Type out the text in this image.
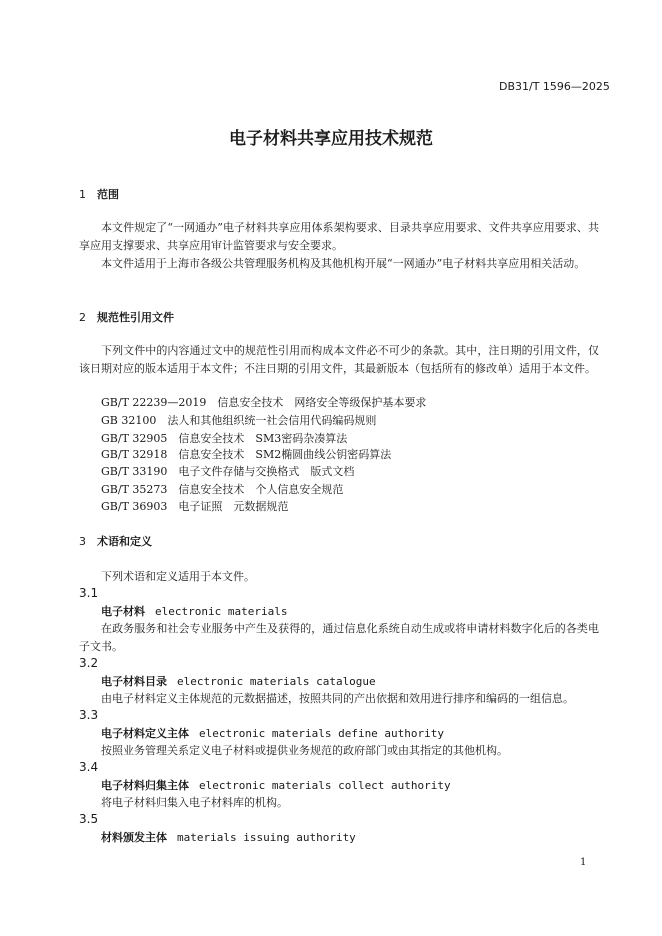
DB31/T 1596—2025
电子材料共享应用技术规范
1 范围
本文件规定了“一网通办”电子材料共享应用体系架构要求、目录共享应用要求、文件共享应用要求、共享应用支撑要求、共享应用审计监管要求与安全要求。
本文件适用于上海市各级公共管理服务机构及其他机构开展“一网通办”电子材料共享应用相关活动。
2 规范性引用文件
下列文件中的内容通过文中的规范性引用而构成本文件必不可少的条款。其中，注日期的引用文件，仅该日期对应的版本适用于本文件；不注日期的引用文件，其最新版本（包括所有的修改单）适用于本文件。
GB/T 22239—2019　信息安全技术　网络安全等级保护基本要求
GB 32100　法人和其他组织统一社会信用代码编码规则
GB/T 32905　信息安全技术　SM3密码杂凑算法
GB/T 32918　信息安全技术　SM2椭圆曲线公钥密码算法
GB/T 33190　电子文件存储与交换格式　版式文档
GB/T 35273　信息安全技术　个人信息安全规范
GB/T 36903　电子证照　元数据规范
3 术语和定义
下列术语和定义适用于本文件。
3.1
电子材料 electronic materials
在政务服务和社会专业服务中产生及获得的，通过信息化系统自动生成或将申请材料数字化后的各类电子文书。
3.2
电子材料目录 electronic materials catalogue
由电子材料定义主体规范的元数据描述，按照共同的产出依据和效用进行排序和编码的一组信息。
3.3
电子材料定义主体 electronic materials define authority
按照业务管理关系定义电子材料或提供业务规范的政府部门或由其指定的其他机构。
3.4
电子材料归集主体 electronic materials collect authority
将电子材料归集入电子材料库的机构。
3.5
材料颁发主体 materials issuing authority
1
